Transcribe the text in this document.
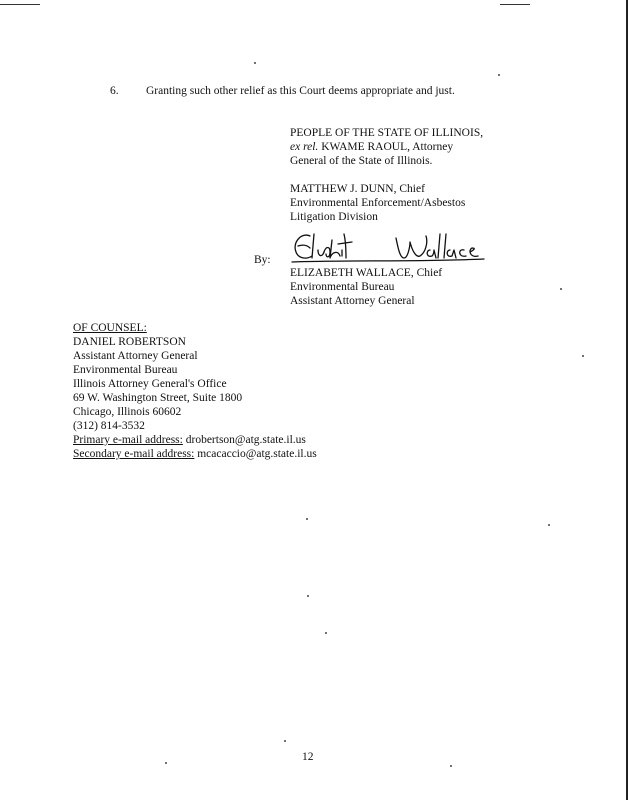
6. Granting such other relief as this Court deems appropriate and just.
PEOPLE OF THE STATE OF ILLINOIS,
ex rel. KWAME RAOUL, Attorney
General of the State of Illinois.
MATTHEW J. DUNN, Chief
Environmental Enforcement/Asbestos
Litigation Division
By:
ELIZABETH WALLACE, Chief
Environmental Bureau
Assistant Attorney General
OF COUNSEL:
DANIEL ROBERTSON
Assistant Attorney General
Environmental Bureau
Illinois Attorney General's Office
69 W. Washington Street, Suite 1800
Chicago, Illinois 60602
(312) 814-3532
Primary e-mail address: drobertson@atg.state.il.us
Secondary e-mail address: mcacaccio@atg.state.il.us
12
